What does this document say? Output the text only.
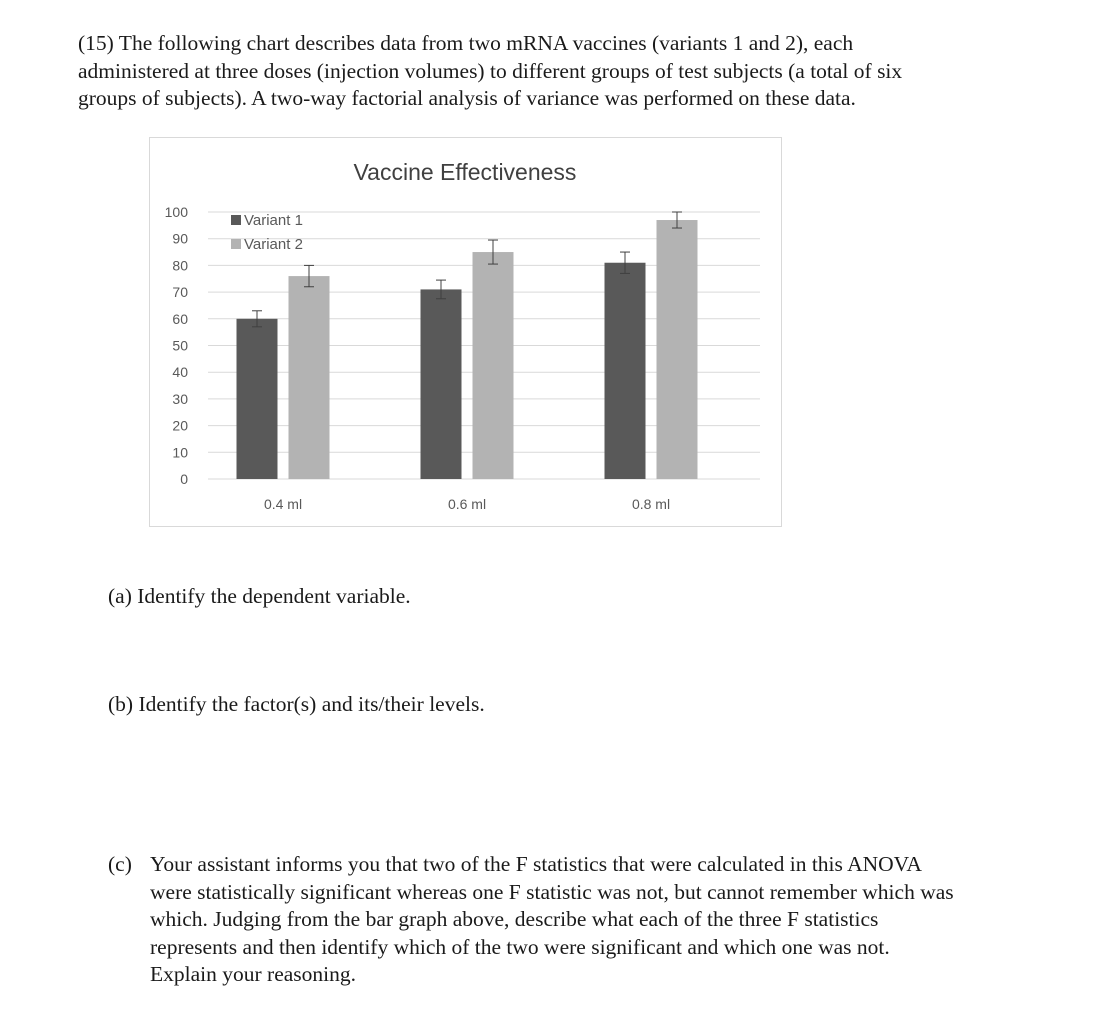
(15) The following chart describes data from two mRNA vaccines (variants 1 and 2), each
administered at three doses (injection volumes) to different groups of test subjects (a total of six
groups of subjects). A two-way factorial analysis of variance was performed on these data.
Vaccine Effectiveness
0
10
20
30
40
50
60
70
80
90
100
0.4 ml	0.6 ml	0.8 ml
Variant 1
Variant 2
(a) Identify the dependent variable.
(b) Identify the factor(s) and its/their levels.
(c) Your assistant informs you that two of the F statistics that were calculated in this ANOVA
were statistically significant whereas one F statistic was not, but cannot remember which was
which. Judging from the bar graph above, describe what each of the three F statistics
represents and then identify which of the two were significant and which one was not.
Explain your reasoning.
